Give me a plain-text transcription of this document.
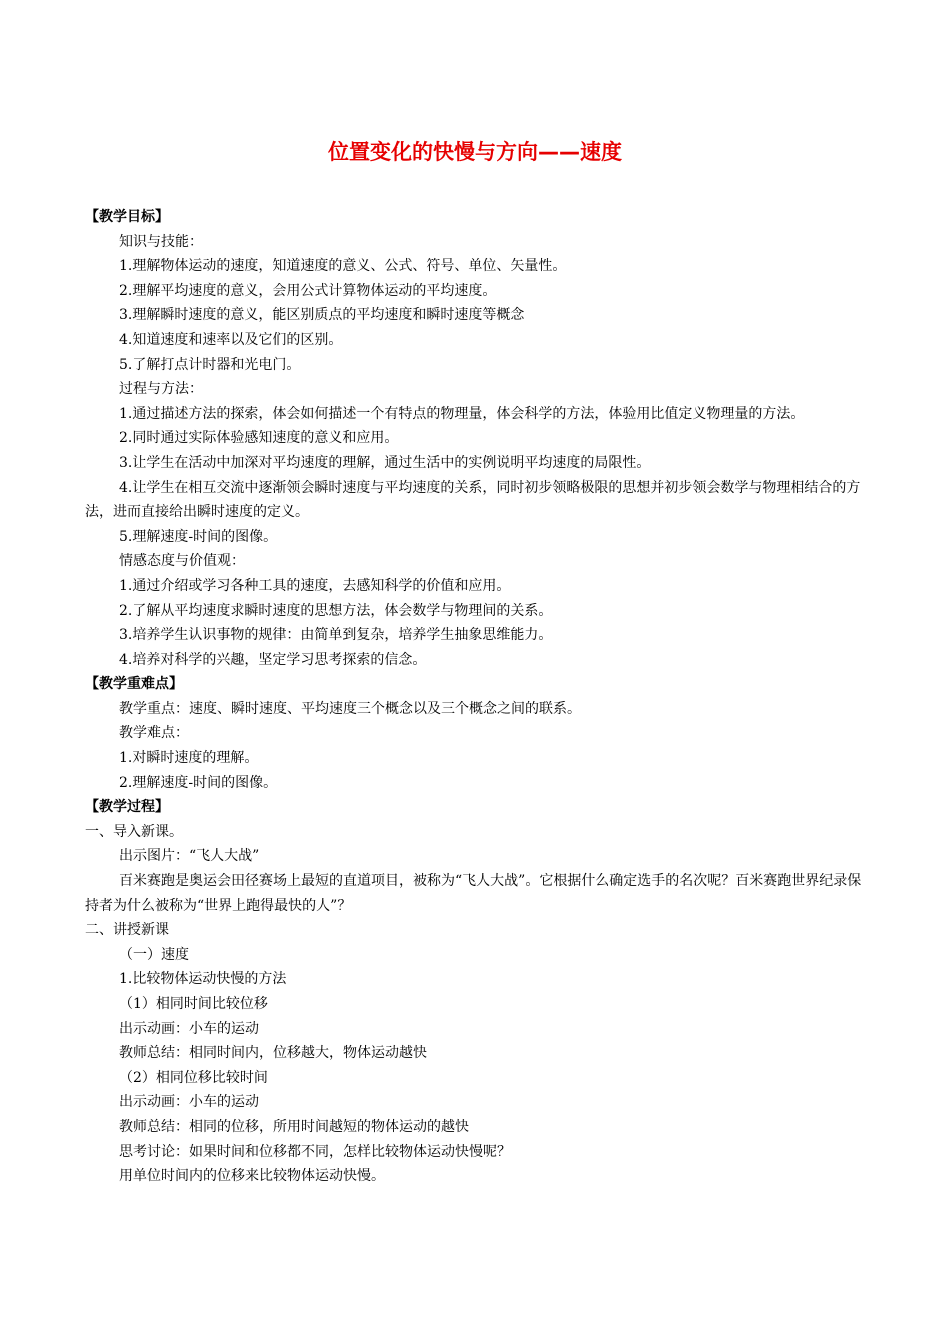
位置变化的快慢与方向——速度

【教学目标】

知识与技能：

1.理解物体运动的速度，知道速度的意义、公式、符号、单位、矢量性。

2.理解平均速度的意义，会用公式计算物体运动的平均速度。

3.理解瞬时速度的意义，能区别质点的平均速度和瞬时速度等概念

4.知道速度和速率以及它们的区别。

5.了解打点计时器和光电门。

过程与方法：

1.通过描述方法的探索，体会如何描述一个有特点的物理量，体会科学的方法，体验用比值定义物理量的方法。

2.同时通过实际体验感知速度的意义和应用。

3.让学生在活动中加深对平均速度的理解，通过生活中的实例说明平均速度的局限性。

4.让学生在相互交流中逐渐领会瞬时速度与平均速度的关系，同时初步领略极限的思想并初步领会数学与物理相结合的方法，进而直接给出瞬时速度的定义。

5.理解速度-时间的图像。

情感态度与价值观：

1.通过介绍或学习各种工具的速度，去感知科学的价值和应用。

2.了解从平均速度求瞬时速度的思想方法，体会数学与物理间的关系。

3.培养学生认识事物的规律：由简单到复杂，培养学生抽象思维能力。

4.培养对科学的兴趣，坚定学习思考探索的信念。

【教学重难点】

教学重点：速度、瞬时速度、平均速度三个概念以及三个概念之间的联系。

教学难点：

1.对瞬时速度的理解。

2.理解速度-时间的图像。

【教学过程】

一、导入新课。

出示图片：“飞人大战”

百米赛跑是奥运会田径赛场上最短的直道项目，被称为“飞人大战”。它根据什么确定选手的名次呢？百米赛跑世界纪录保持者为什么被称为“世界上跑得最快的人”？

二、讲授新课

（一）速度

1.比较物体运动快慢的方法

（1）相同时间比较位移

出示动画：小车的运动

教师总结：相同时间内，位移越大，物体运动越快

（2）相同位移比较时间

出示动画：小车的运动

教师总结：相同的位移，所用时间越短的物体运动的越快

思考讨论：如果时间和位移都不同，怎样比较物体运动快慢呢？

用单位时间内的位移来比较物体运动快慢。
